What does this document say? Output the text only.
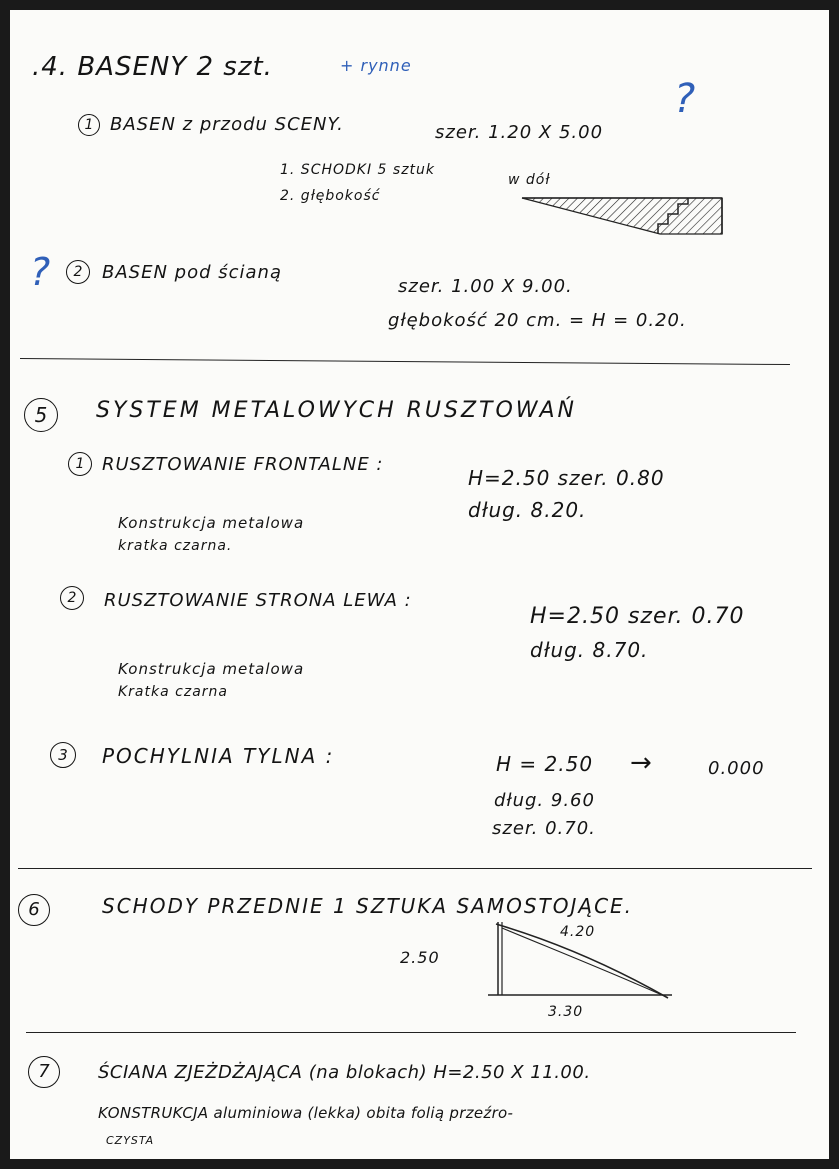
.4. BASENY 2 szt.	+ rynne
1 BASEN z przodu SCENY.	szer. 1.20 X 5.00
?
1. SCHODKI 5 sztuk
2. głębokość
w dół
?	2	BASEN pod ścianą
szer. 1.00 X 9.00.
głębokość 20 cm. = H = 0.20.
5	SYSTEM METALOWYCH RUSZTOWAŃ
1 RUSZTOWANIE FRONTALNE :
H=2.50 szer. 0.80
dług. 8.20.
Konstrukcja metalowa
kratka czarna.
2	RUSZTOWANIE STRONA LEWA :
H=2.50 szer. 0.70
dług. 8.70.
Konstrukcja metalowa
Kratka czarna
3	POCHYLNIA TYLNA :	H = 2.50 →	0.000
dług. 9.60
szer. 0.70.
6	SCHODY PRZEDNIE 1 SZTUKA SAMOSTOJĄCE.
2.50
4.20
3.30
7	ŚCIANA ZJEŻDŻAJĄCA (na blokach) H=2.50 X 11.00.
KONSTRUKCJA aluminiowa (lekka) obita folią przeźro-
CZYSTA
